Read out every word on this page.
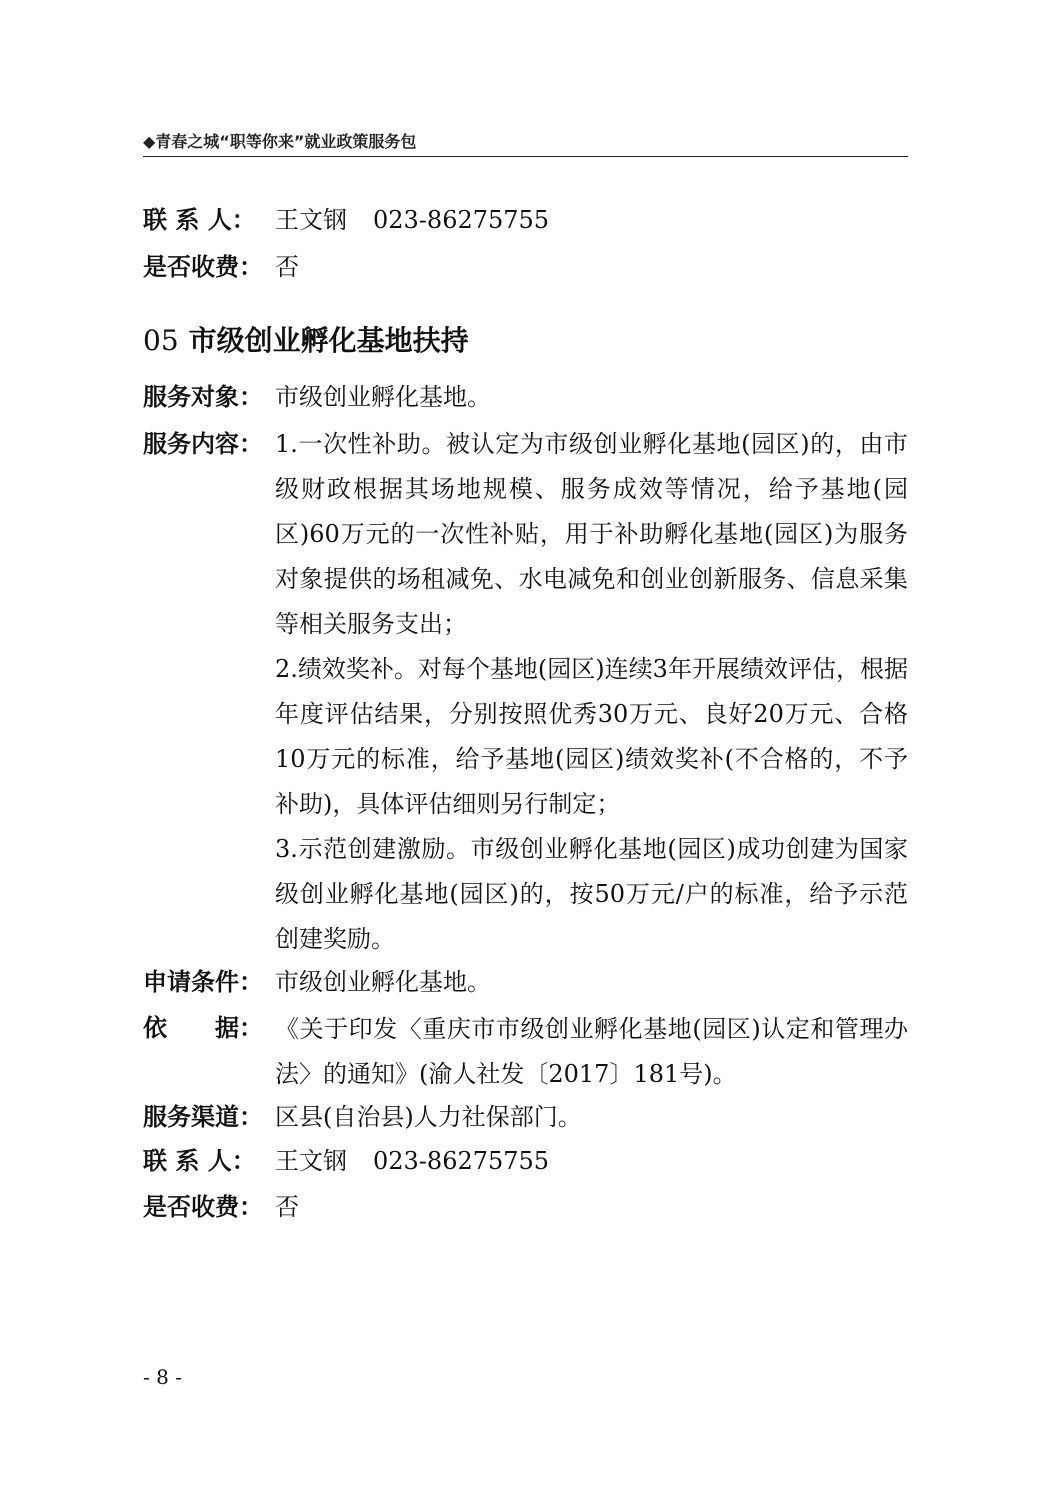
◆青春之城“职等你来”就业政策服务包
联 系 人： 王文钢 023-86275755
是否收费： 否
05 市级创业孵化基地扶持
服务对象： 市级创业孵化基地。
服务内容： 1.一次性补助。被认定为市级创业孵化基地(园区)的，由市级财政根据其场地规模、服务成效等情况，给予基地(园区)60万元的一次性补贴，用于补助孵化基地(园区)为服务对象提供的场租减免、水电减免和创业创新服务、信息采集等相关服务支出；
2.绩效奖补。对每个基地(园区)连续3年开展绩效评估，根据年度评估结果，分别按照优秀30万元、良好20万元、合格10万元的标准，给予基地(园区)绩效奖补(不合格的，不予补助)，具体评估细则另行制定；
3.示范创建激励。市级创业孵化基地(园区)成功创建为国家级创业孵化基地(园区)的，按50万元/户的标准，给予示范创建奖励。
申请条件： 市级创业孵化基地。
依　　据： 《关于印发〈重庆市市级创业孵化基地(园区)认定和管理办法〉的通知》(渝人社发〔2017〕181号)。
服务渠道： 区县(自治县)人力社保部门。
联 系 人： 王文钢 023-86275755
是否收费： 否
- 8 -
